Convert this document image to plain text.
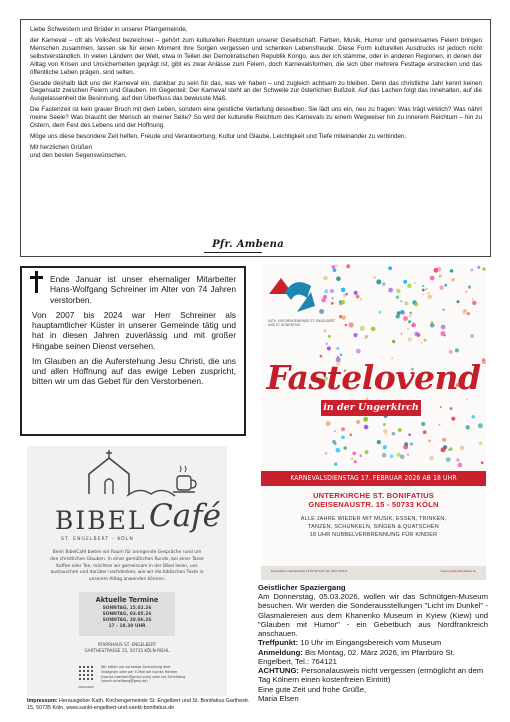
Liebe Schwestern und Brüder in unserer Pfarrgemeinde,

der Karneval – oft als Volksfest bezeichnet – gehört zum kulturellen Reichtum unserer Gesellschaft. Farben, Musik, Humor und gemeinsames Feiern bringen Menschen zusammen, lassen sie für einen Moment ihre Sorgen vergessen und schenken Lebensfreude. Diese Form kulturellen Ausdrucks ist jedoch nicht selbstverständlich. In vielen Ländern der Welt, etwa in Teilen der Demokratischen Republik Kongo, aus der ich stamme, oder in anderen Regionen, in denen der Alltag von Krisen und Unsicherheiten geprägt ist, gibt es zwar Anlässe zum Feiern, doch Karnevalsformen, die sich über mehrere Festtage erstrecken und das öffentliche Leben prägen, sind selten.

Gerade deshalb lädt uns der Karneval ein, dankbar zu sein für das, was wir haben – und zugleich achtsam zu bleiben. Denn das christliche Jahr kennt keinen Gegensatz zwischen Feiern und Glauben. Im Gegenteil: Der Karneval steht an der Schwelle zur österlichen Bußzeit. Auf das Lachen folgt das Innehalten, auf die Ausgelassenheit die Besinnung, auf den Überfluss das bewusste Maß.

Die Fastenzeit ist kein grauer Bruch mit dem Leben, sondern eine geistliche Vertiefung desselben. Sie lädt uns ein, neu zu fragen: Was trägt wirklich? Was nährt meine Seele? Was braucht der Mensch an meiner Seite? So wird der kulturelle Reichtum des Karnevals zu einem Wegweiser hin zu innerem Reichtum – hin zu Ostern, dem Fest des Lebens und der Hoffnung.

Möge uns diese besondere Zeit helfen, Freude und Verantwortung, Kultur und Glaube, Leichtigkeit und Tiefe miteinander zu verbinden.

Mit herzlichen Grüßen

und den besten Segenswünschen,

Pfr. Ambena

Ende Januar ist unser ehemaliger Mitarbeiter Hans-Wolfgang Schreiner im Alter von 74 Jahren verstorben.

Von 2007 bis 2024 war Herr Schreiner als hauptamtlicher Küster in unserer Gemeinde tätig und hat in diesen Jahren zuverlässig und mit großer Hingabe seinen Dienst versehen.

Im Glauben an die Auferstehung Jesu Christi, die uns und allen Hoffnung auf das ewige Leben zuspricht, bitten wir um das Gebet für den Verstorbenen.

BIBEL Café
ST. ENGELBERT – KÖLN
Beim BibelCafé bieten wir Raum für anregende Gespräche rund um den christlichen Glauben. In einer gemütlichen Runde, bei einer Tasse Kaffee oder Tee, möchten wir gemeinsam in der Bibel lesen, uns austauschen und darüber nachdenken, wie wir die biblischen Texte in unserem Alltag anwenden können.
Aktuelle Termine
SONNTAG, 15.02.26
SONNTAG, 03.05.26
SONNTAG, 28.06.26
17 - 18.30 UHR
PFARRHAUS ST. ENGELBERT
GARTHESTRASSE 15, 50735 KÖLN-RIEHL
INSTAGRAM
Wir bitten um vorherige Anmeldung über Instagram oder per E-Mail bei Ivonka Hörster (ivonka.hoerster@gmail.com) oder Ina Schellberg (sarah.schellberg@gmx.de)
Impressum: Herausgeber Kath. Kirchengemeinde St. Engelbert und St. Bonifatius Garthestr. 15, 50735 Köln, www.sankt-engelbert-und-sankt-bonifatius.de
KATH. KIRCHENGEMEINDE ST. ENGELBERT UND ST. BONIFATIUS
Fastelovend
in der Ungerkirch
KARNEVALSDIENSTAG 17. FEBRUAR 2026 AB 18 UHR
UNTERKIRCHE ST. BONIFATIUS
GNEISENAUSTR. 15 - 50733 KÖLN
ALLE JAHRE WIEDER MIT MUSIK, ESSEN, TRINKEN,
TANZEN, SCHUNKELN, SINGEN & QUATSCHEN
18 UHR NUBBELVERBRENNUNG FÜR KINDER
Pastoralbüro Garthestraße 15 50735 Köln Tel. 0221 764121	www.engelbertbonifatius.de
Geistlicher Spaziergang

Am Donnerstag, 05.03.2026, wollen wir das Schnütgen-Museum besuchen. Wir werden die Sonderausstellungen "Licht im Dunkel" - Glasmalereien aus dem Khanenko Museum in Kyiew (Kiew) und "Glauben mit Humor" - ein Gebetbuch aus Nordfrankreich anschauen.

Treffpunkt: 10 Uhr im Eingangsbereich vom Museum
Anmeldung: Bis Montag, 02. März 2026, im Pfarrbüro St. Engelbert, Tel.: 764121
ACHTUNG: Personalausweis nicht vergessen (ermöglicht an dem Tag Kölnern einen kostenfreien Eintritt)
Eine gute Zeit und frohe Grüße,
Maria Elsen
